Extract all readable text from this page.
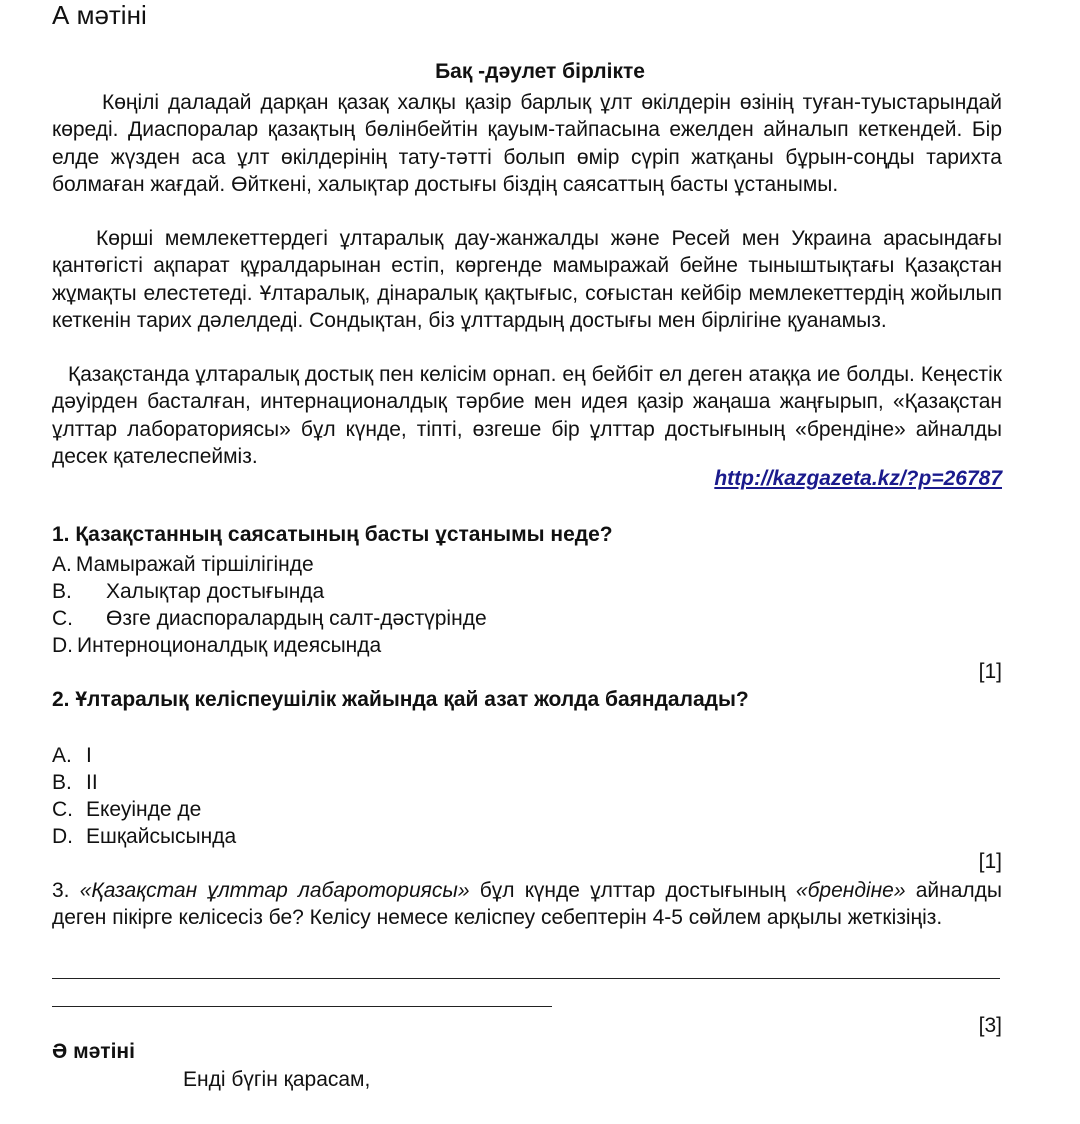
А мәтіні
Бақ -дәулет бірлікте
Көңілі даладай дарқан қазақ халқы қазір барлық ұлт өкілдерін өзінің туған-туыстарындай көреді. Диаспоралар қазақтың бөлінбейтін қауым-тайпасына ежелден айналып кеткендей. Бір елде жүзден аса ұлт өкілдерінің тату-тәтті болып өмір сүріп жатқаны бұрын-соңды тарихта болмаған жағдай. Өйткені, халықтар достығы біздің саясаттың басты ұстанымы.
Көрші мемлекеттердегі ұлтаралық дау-жанжалды және Ресей мен Украина арасындағы қантөгісті ақпарат құралдарынан естіп, көргенде мамыражай бейне тыныштықтағы Қазақстан жұмақты елестетеді. Ұлтаралық, дінаралық қақтығыс, соғыстан кейбір мемлекеттердің жойылып кеткенін тарих дәлелдеді. Сондықтан, біз ұлттардың достығы мен бірлігіне қуанамыз.
Қазақстанда ұлтаралық достық пен келісім орнап. ең бейбіт ел деген атаққа ие болды. Кеңестік дәуірден басталған, интернационалдық тәрбие мен идея қазір жаңаша жаңғырып, «Қазақстан ұлттар лабораториясы» бұл күнде, тіпті, өзгеше бір ұлттар достығының «брендіне» айналды десек қателеспейміз.
http://kazgazeta.kz/?p=26787
1. Қазақстанның саясатының басты ұстанымы неде?
A. Мамыражай тіршілігінде
B. Халықтар достығында
C. Өзге диаспоралардың салт-дәстүрінде
D. Интерноционалдық идеясында
[1]
2. Ұлтаралық келіспеушілік жайында қай азат жолда баяндалады?
A. I
B. II
C. Екеуінде де
D. Ешқайсысында
[1]
3. «Қазақстан ұлттар лабароториясы» бұл күнде ұлттар достығының «брендіне» айналды деген пікірге келісесіз бе? Келісу немесе келіспеу себептерін 4-5 сөйлем арқылы жеткізіңіз.
[3]
Ә мәтіні
Енді бүгін қарасам,
